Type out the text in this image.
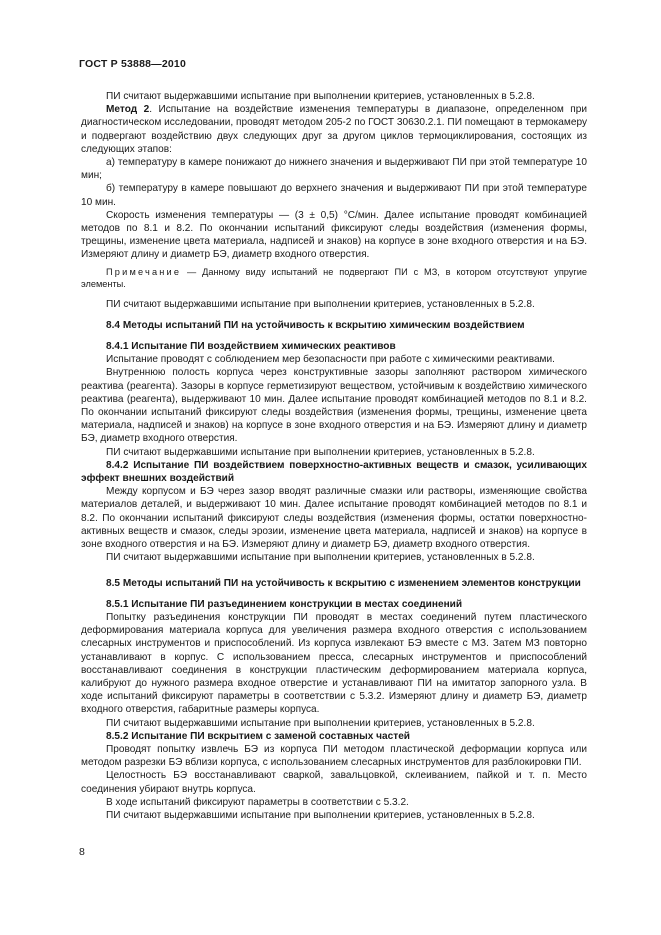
ГОСТ Р 53888—2010

ПИ считают выдержавшими испытание при выполнении критериев, установленных в 5.2.8.

Метод 2. Испытание на воздействие изменения температуры в диапазоне, определенном при диагностическом исследовании, проводят методом 205-2 по ГОСТ 30630.2.1. ПИ помещают в термокамеру и подвергают воздействию двух следующих друг за другом циклов термоциклирования, состоящих из следующих этапов:

а) температуру в камере понижают до нижнего значения и выдерживают ПИ при этой температуре 10 мин;

б) температуру в камере повышают до верхнего значения и выдерживают ПИ при этой температуре 10 мин.

Скорость изменения температуры — (3 ± 0,5) °С/мин. Далее испытание проводят комбинацией методов по 8.1 и 8.2. По окончании испытаний фиксируют следы воздействия (изменения формы, трещины, изменение цвета материала, надписей и знаков) на корпусе в зоне входного отверстия и на БЭ. Измеряют длину и диаметр БЭ, диаметр входного отверстия.

Примечание — Данному виду испытаний не подвергают ПИ с МЗ, в котором отсутствуют упругие элементы.

ПИ считают выдержавшими испытание при выполнении критериев, установленных в 5.2.8.

8.4 Методы испытаний ПИ на устойчивость к вскрытию химическим воздействием

8.4.1 Испытание ПИ воздействием химических реактивов

Испытание проводят с соблюдением мер безопасности при работе с химическими реактивами.

Внутреннюю полость корпуса через конструктивные зазоры заполняют раствором химического реактива (реагента). Зазоры в корпусе герметизируют веществом, устойчивым к воздействию химического реактива (реагента), выдерживают 10 мин. Далее испытание проводят комбинацией методов по 8.1 и 8.2. По окончании испытаний фиксируют следы воздействия (изменения формы, трещины, изменение цвета материала, надписей и знаков) на корпусе в зоне входного отверстия и на БЭ. Измеряют длину и диаметр БЭ, диаметр входного отверстия.

ПИ считают выдержавшими испытание при выполнении критериев, установленных в 5.2.8.

8.4.2 Испытание ПИ воздействием поверхностно-активных веществ и смазок, усиливающих эффект внешних воздействий

Между корпусом и БЭ через зазор вводят различные смазки или растворы, изменяющие свойства материалов деталей, и выдерживают 10 мин. Далее испытание проводят комбинацией методов по 8.1 и 8.2. По окончании испытаний фиксируют следы воздействия (изменения формы, остатки поверхностно-активных веществ и смазок, следы эрозии, изменение цвета материала, надписей и знаков) на корпусе в зоне входного отверстия и на БЭ. Измеряют длину и диаметр БЭ, диаметр входного отверстия.

ПИ считают выдержавшими испытание при выполнении критериев, установленных в 5.2.8.

8.5 Методы испытаний ПИ на устойчивость к вскрытию с изменением элементов конструкции

8.5.1 Испытание ПИ разъединением конструкции в местах соединений

Попытку разъединения конструкции ПИ проводят в местах соединений путем пластического деформирования материала корпуса для увеличения размера входного отверстия с использованием слесарных инструментов и приспособлений. Из корпуса извлекают БЭ вместе с МЗ. Затем МЗ повторно устанавливают в корпус. С использованием пресса, слесарных инструментов и приспособлений восстанавливают соединения в конструкции пластическим деформированием материала корпуса, калибруют до нужного размера входное отверстие и устанавливают ПИ на имитатор запорного узла. В ходе испытаний фиксируют параметры в соответствии с 5.3.2. Измеряют длину и диаметр БЭ, диаметр входного отверстия, габаритные размеры корпуса.

ПИ считают выдержавшими испытание при выполнении критериев, установленных в 5.2.8.

8.5.2 Испытание ПИ вскрытием с заменой составных частей

Проводят попытку извлечь БЭ из корпуса ПИ методом пластической деформации корпуса или методом разрезки БЭ вблизи корпуса, с использованием слесарных инструментов для разблокировки ПИ.

Целостность БЭ восстанавливают сваркой, завальцовкой, склеиванием, пайкой и т. п. Место соединения убирают внутрь корпуса.

В ходе испытаний фиксируют параметры в соответствии с 5.3.2.

ПИ считают выдержавшими испытание при выполнении критериев, установленных в 5.2.8.

8
